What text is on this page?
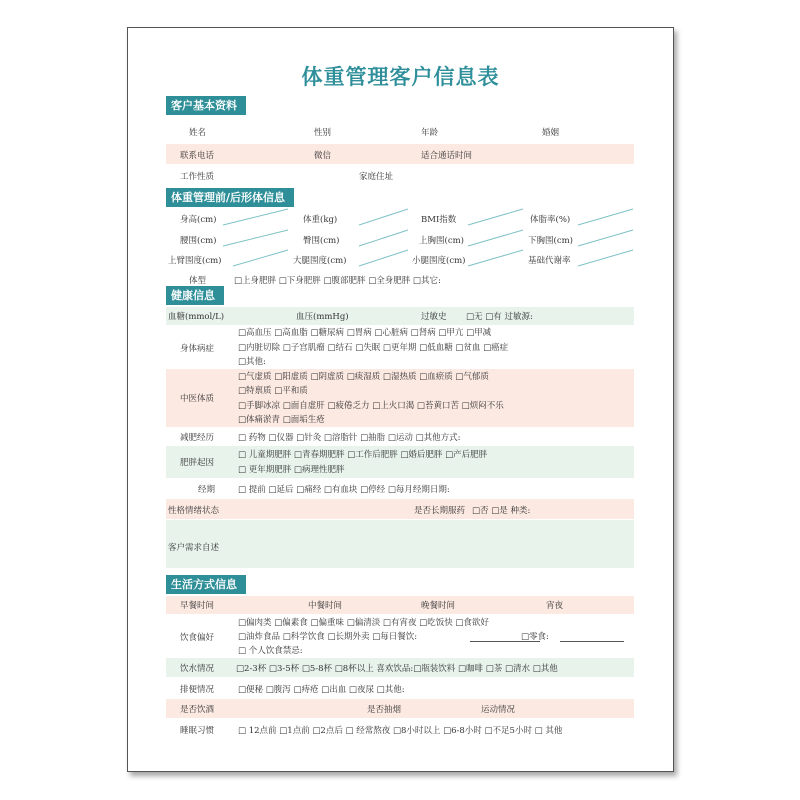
体重管理客户信息表
客户基本资料
姓名	性别	年龄	婚姻
联系电话	微信	适合通话时间
工作性质	家庭住址
体重管理前/后形体信息
身高(cm)	体重(kg)	BMI指数	体脂率(%)
腰围(cm)	臀围(cm)	上胸围(cm)	下胸围(cm)
上臂围度(cm)	大腿围度(cm)	小腿围度(cm)	基础代谢率
体型	□上身肥胖 □下身肥胖 □腹部肥胖 □全身肥胖 □其它:
健康信息
血糖(mmol/L)	血压(mmHg)	过敏史 □无 □有 过敏源:
身体病症
□高血压 □高血脂 □糖尿病 □胃病 □心脏病 □肾病 □甲亢 □甲减
□内脏切除 □子宫肌瘤 □结石 □失眠 □更年期 □低血糖 □贫血 □癌症
□其他:
中医体质
□气虚质 □阳虚质 □阴虚质 □痰湿质 □湿热质 □血瘀质 □气郁质
□特禀质 □平和质
□手脚冰凉 □面自虚肝 □疲倦乏力 □上火口渴 □苔黄口苦 □烦闷不乐
□体痛淤青 □面垢生疮
减肥经历	□ 药物 □仪器 □针灸 □溶脂针 □抽脂 □运动 □其他方式:
肥胖起因
□ 儿童期肥胖 □青春期肥胖 □工作后肥胖 □婚后肥胖 □产后肥胖
□ 更年期肥胖 □病理性肥胖
经期	□ 提前 □延后 □痛经 □有血块 □停经 □每月经期日期:
性格情绪状态	是否长期服药 □否 □是 种类:
客户需求自述
生活方式信息
早餐时间	中餐时间	晚餐时间	宵夜
饮食偏好
□偏肉类 □偏素食 □偏重味 □偏清淡 □有宵夜 □吃饭快 □食欲好
□油炸食品 □科学饮食 □长期外卖 □每日餐饮:	□零食:
□ 个人饮食禁忌:
饮水情况	□2-3杯 □3-5杯 □5-8杯 □8杯以上 喜欢饮品:□瓶装饮料 □咖啡 □茶 □清水 □其他
排便情况	□便秘 □腹泻 □痔疮 □出血 □夜尿 □其他:
是否饮酒	是否抽烟	运动情况
睡眠习惯	□ 12点前 □1点前 □2点后 □ 经常熬夜 □8小时以上 □6-8小时 □不足5小时 □ 其他
